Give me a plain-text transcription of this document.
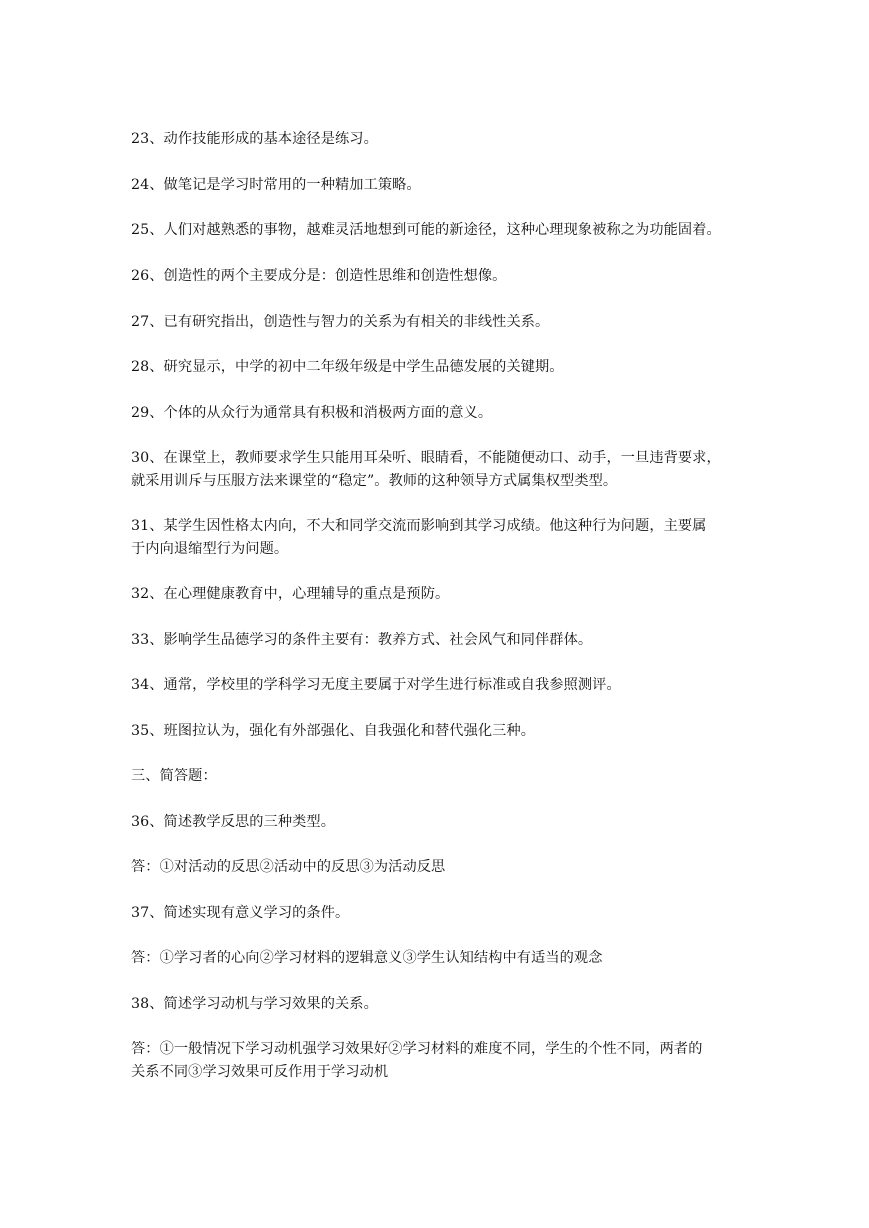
23、动作技能形成的基本途径是练习。

24、做笔记是学习时常用的一种精加工策略。

25、人们对越熟悉的事物，越难灵活地想到可能的新途径，这种心理现象被称之为功能固着。

26、创造性的两个主要成分是：创造性思维和创造性想像。

27、已有研究指出，创造性与智力的关系为有相关的非线性关系。

28、研究显示，中学的初中二年级年级是中学生品德发展的关键期。

29、个体的从众行为通常具有积极和消极两方面的意义。

30、在课堂上，教师要求学生只能用耳朵听、眼睛看，不能随便动口、动手，一旦违背要求，

就采用训斥与压服方法来课堂的“稳定”。教师的这种领导方式属集权型类型。

31、某学生因性格太内向，不大和同学交流而影响到其学习成绩。他这种行为问题，主要属

于内向退缩型行为问题。

32、在心理健康教育中，心理辅导的重点是预防。

33、影响学生品德学习的条件主要有：教养方式、社会风气和同伴群体。

34、通常，学校里的学科学习无度主要属于对学生进行标准或自我参照测评。

35、班图拉认为，强化有外部强化、自我强化和替代强化三种。

三、简答题：

36、简述教学反思的三种类型。

答：①对活动的反思②活动中的反思③为活动反思

37、简述实现有意义学习的条件。

答：①学习者的心向②学习材料的逻辑意义③学生认知结构中有适当的观念

38、简述学习动机与学习效果的关系。

答：①一般情况下学习动机强学习效果好②学习材料的难度不同，学生的个性不同，两者的

关系不同③学习效果可反作用于学习动机
